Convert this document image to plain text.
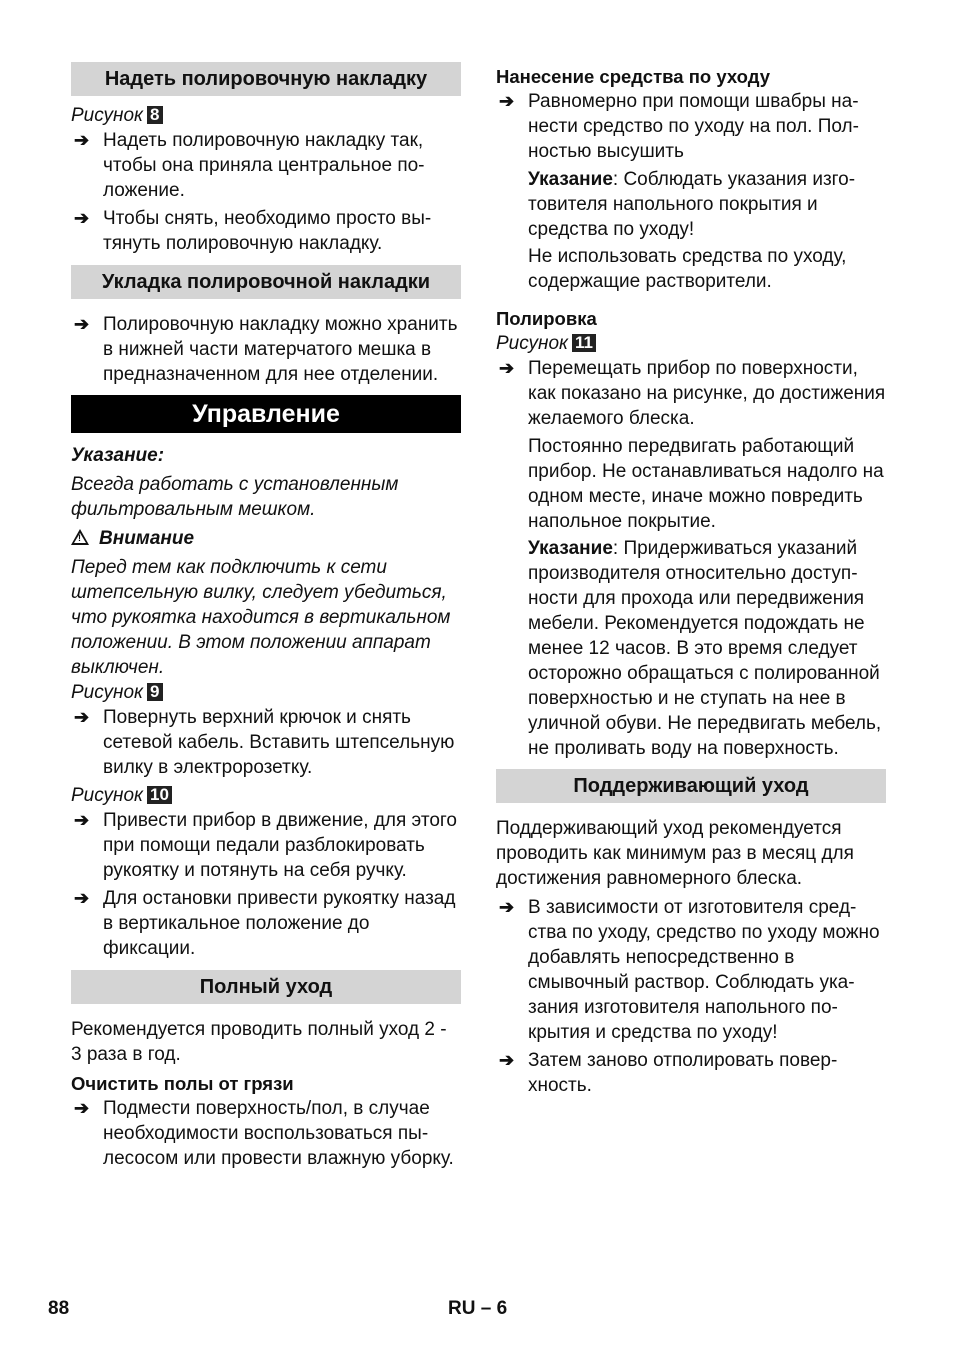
Надеть полировочную накладку
Рисунок 8
➔ Надеть полировочную накладку так, чтобы она приняла центральное положение.
➔ Чтобы снять, необходимо просто вытянуть полировочную накладку.
Укладка полировочной накладки
➔ Полировочную накладку можно хранить в нижней части матерчатого мешка в предназначенном для нее отделении.
Управление
Указание:
Всегда работать с установленным фильтровальным мешком.
!Внимание
Перед тем как подключить к сети штепсельную вилку, следует убедиться, что рукоятка находится в вертикальном положении. В этом положении аппарат выключен.
Рисунок 9
➔ Повернуть верхний крючок и снять сетевой кабель. Вставить штепсельную вилку в электророзетку.
Рисунок 10
➔ Привести прибор в движение, для этого при помощи педали разблокировать рукоятку и потянуть на себя ручку.
➔ Для остановки привести рукоятку назад в вертикальное положение до фиксации.
Полный уход
Рекомендуется проводить полный уход 2 - 3 раза в год.
Очистить полы от грязи
➔ Подмести поверхность/пол, в случае необходимости воспользоваться пылесосом или провести влажную уборку.
Нанесение средства по уходу
➔ Равномерно при помощи швабры нанести средство по уходу на пол. Полностью высушить
Указание: Соблюдать указания изготовителя напольного покрытия и средства по уходу!
Не использовать средства по уходу, содержащие растворители.
Полировка
Рисунок 11
➔ Перемещать прибор по поверхности, как показано на рисунке, до достижения желаемого блеска.
Постоянно передвигать работающий прибор. Не останавливаться надолго на одном месте, иначе можно повредить напольное покрытие.
Указание: Придерживаться указаний производителя относительно доступности для прохода или передвижения мебели. Рекомендуется подождать не менее 12 часов. В это время следует осторожно обращаться с полированной поверхностью и не ступать на нее в уличной обуви. Не передвигать мебель, не проливать воду на поверхность.
Поддерживающий уход
Поддерживающий уход рекомендуется проводить как минимум раз в месяц для достижения равномерного блеска.
➔ В зависимости от изготовителя средства по уходу, средство по уходу можно добавлять непосредственно в смывочный раствор. Соблюдать указания изготовителя напольного покрытия и средства по уходу!
➔ Затем заново отполировать поверхность.
88	RU – 6
